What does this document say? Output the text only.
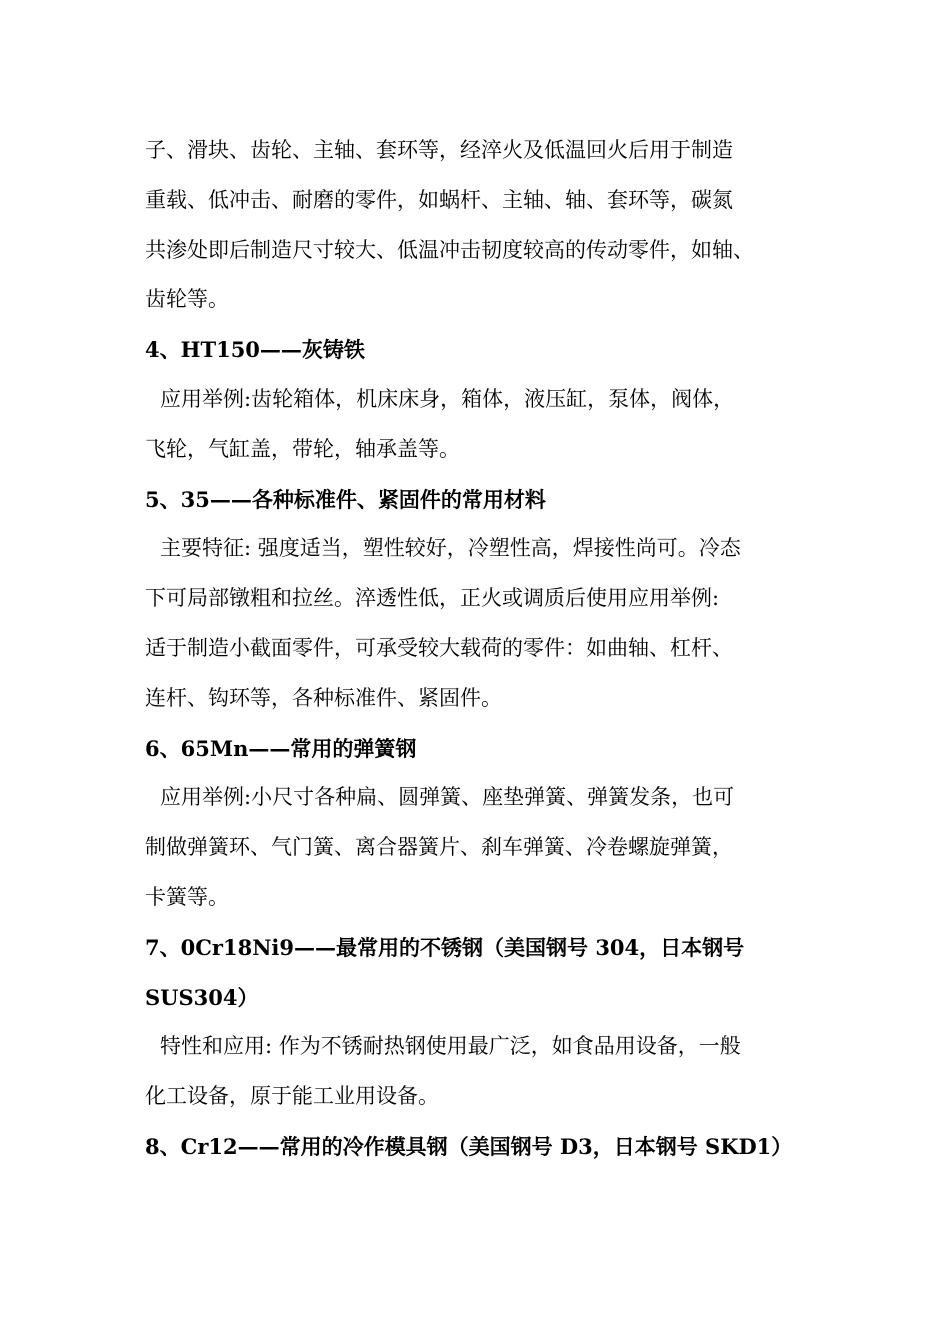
子、滑块、齿轮、主轴、套环等，经淬火及低温回火后用于制造
重载、低冲击、耐磨的零件，如蜗杆、主轴、轴、套环等，碳氮
共渗处即后制造尺寸较大、低温冲击韧度较高的传动零件，如轴、
齿轮等。
4、HT150——灰铸铁
应用举例:齿轮箱体，机床床身，箱体，液压缸，泵体，阀体，
飞轮，气缸盖，带轮，轴承盖等。
5、35——各种标准件、紧固件的常用材料
主要特征: 强度适当，塑性较好，冷塑性高，焊接性尚可。冷态
下可局部镦粗和拉丝。淬透性低，正火或调质后使用应用举例:
适于制造小截面零件，可承受较大载荷的零件：如曲轴、杠杆、
连杆、钩环等，各种标准件、紧固件。
6、65Mn——常用的弹簧钢
应用举例:小尺寸各种扁、圆弹簧、座垫弹簧、弹簧发条，也可
制做弹簧环、气门簧、离合器簧片、刹车弹簧、冷卷螺旋弹簧，
卡簧等。
7、0Cr18Ni9——最常用的不锈钢（美国钢号 304，日本钢号
SUS304）
特性和应用: 作为不锈耐热钢使用最广泛，如食品用设备，一般
化工设备，原于能工业用设备。
8、Cr12——常用的冷作模具钢（美国钢号 D3，日本钢号 SKD1）
